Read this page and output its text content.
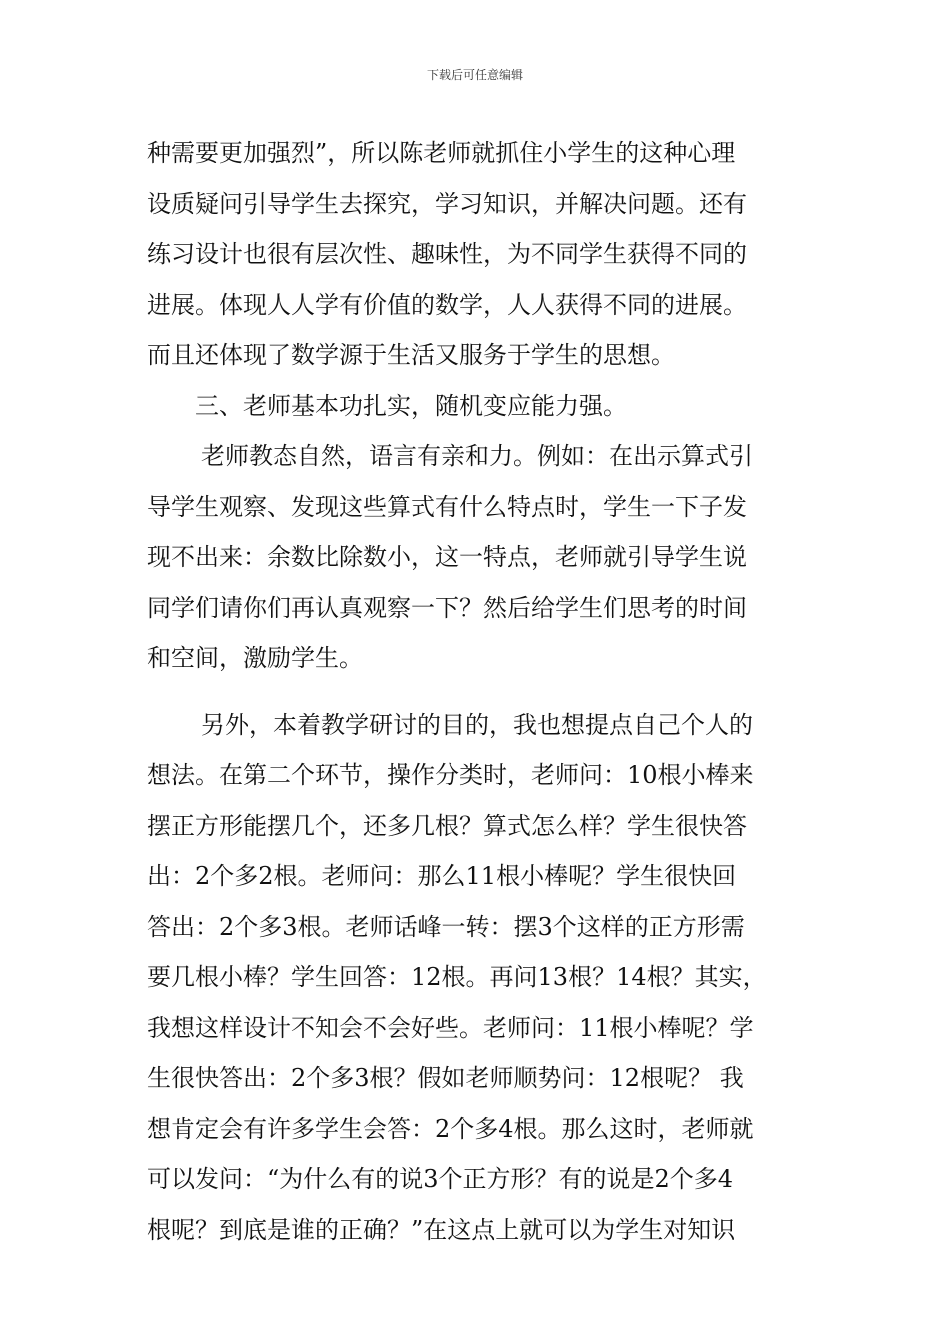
下载后可任意编辑
种需要更加强烈”，所以陈老师就抓住小学生的这种心理
设质疑问引导学生去探究，学习知识，并解决问题。还有
练习设计也很有层次性、趣味性，为不同学生获得不同的
进展。体现人人学有价值的数学，人人获得不同的进展。
而且还体现了数学源于生活又服务于学生的思想。
三、老师基本功扎实，随机变应能力强。
老师教态自然，语言有亲和力。例如：在出示算式引
导学生观察、发现这些算式有什么特点时，学生一下子发
现不出来：余数比除数小，这一特点，老师就引导学生说
同学们请你们再认真观察一下？然后给学生们思考的时间
和空间，激励学生。
另外，本着教学研讨的目的，我也想提点自己个人的
想法。在第二个环节，操作分类时，老师问：10根小棒来
摆正方形能摆几个，还多几根？算式怎么样？学生很快答
出：2个多2根。老师问：那么11根小棒呢？学生很快回
答出：2个多3根。老师话峰一转：摆3个这样的正方形需
要几根小棒？学生回答：12根。再问13根？14根？其实，
我想这样设计不知会不会好些。老师问：11根小棒呢？学
生很快答出：2个多3根？假如老师顺势问：12根呢？ 我
想肯定会有许多学生会答：2个多4根。那么这时，老师就
可以发问：“为什么有的说3个正方形？有的说是2个多4
根呢？到底是谁的正确？”在这点上就可以为学生对知识
